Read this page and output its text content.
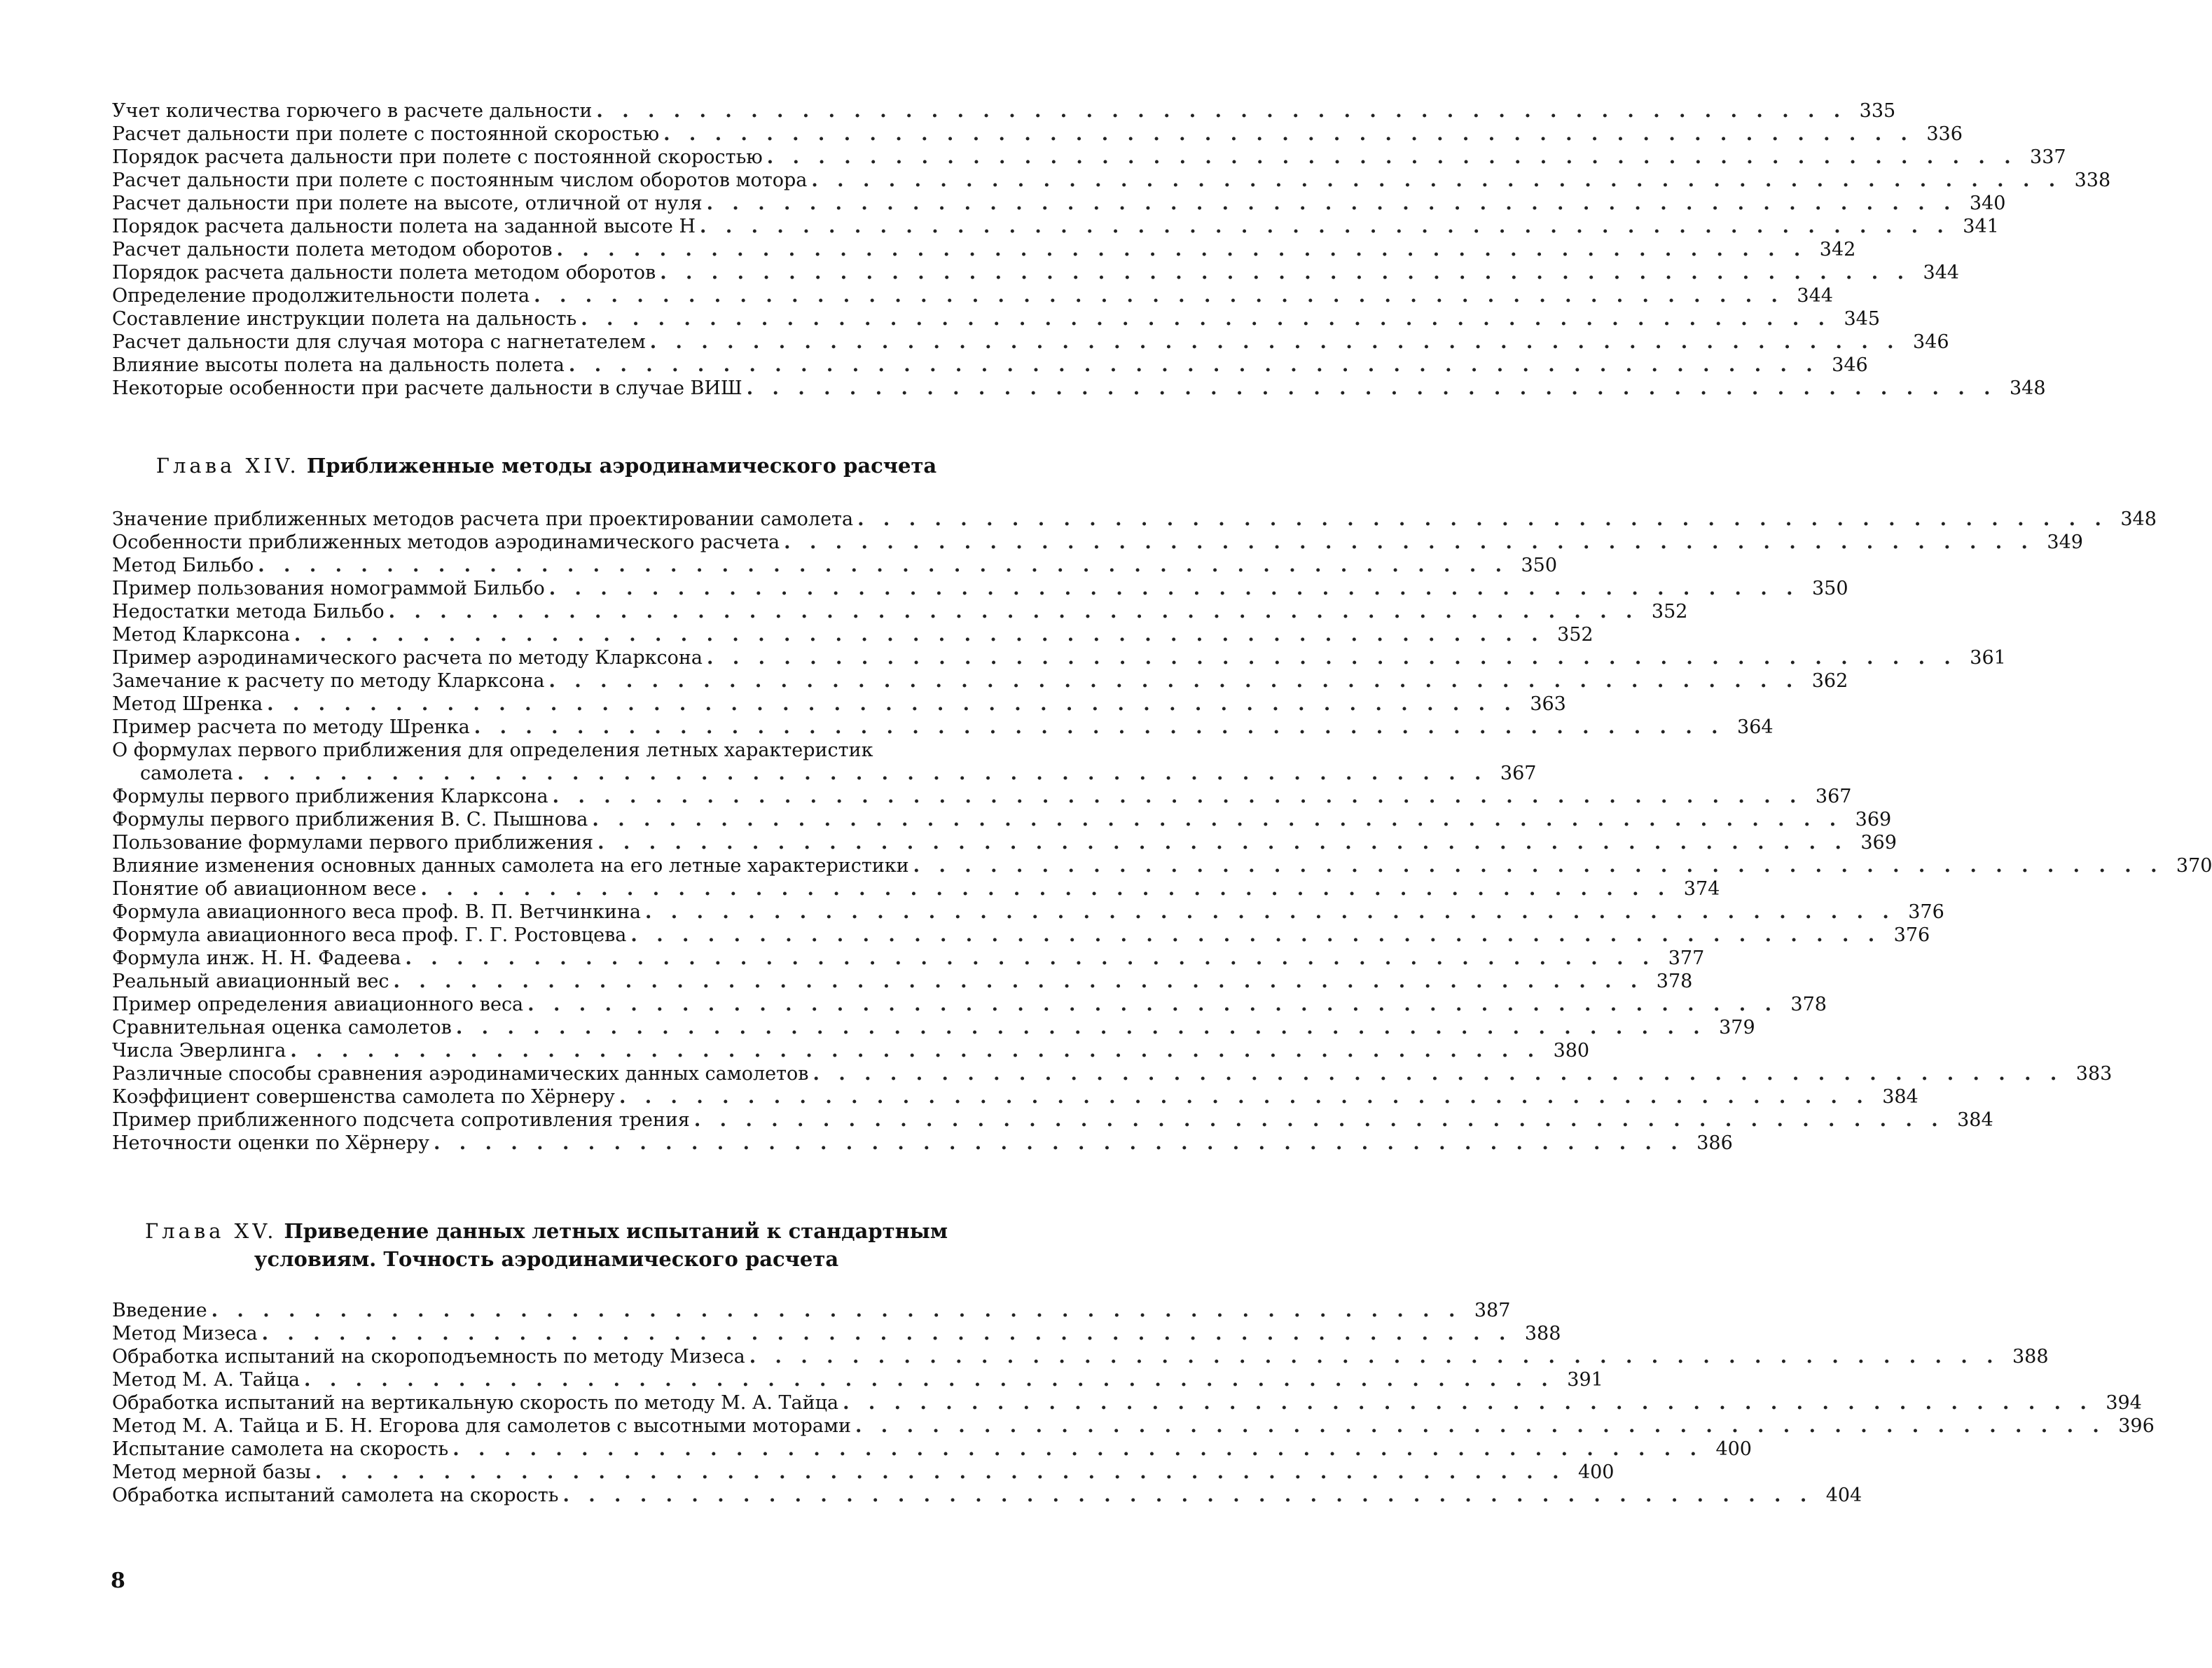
Учет количества горючего в расчете дальности . . . . . . . . . . . . . . . . . . . . . . . . . . . . . . . . . . . . . . . . . . . . . . . . . 335
Расчет дальности при полете с постоянной скоростью . . . . . . . . . . . . . . . . . . . . . . . . . . . . . . . . . . . . . . . . . . . . . . . . . 336
Порядок расчета дальности при полете с постоянной скоростью . . . . . . . . . . . . . . . . . . . . . . . . . . . . . . . . . . . . . . . . . . . . . . . . . 337
Расчет дальности при полете с постоянным числом оборотов мотора . . . . . . . . . . . . . . . . . . . . . . . . . . . . . . . . . . . . . . . . . . . . . . . . . 338
Расчет дальности при полете на высоте, отличной от нуля . . . . . . . . . . . . . . . . . . . . . . . . . . . . . . . . . . . . . . . . . . . . . . . . . 340
Порядок расчета дальности полета на заданной высоте H . . . . . . . . . . . . . . . . . . . . . . . . . . . . . . . . . . . . . . . . . . . . . . . . . 341
Расчет дальности полета методом оборотов . . . . . . . . . . . . . . . . . . . . . . . . . . . . . . . . . . . . . . . . . . . . . . . . . 342
Порядок расчета дальности полета методом оборотов . . . . . . . . . . . . . . . . . . . . . . . . . . . . . . . . . . . . . . . . . . . . . . . . . 344
Определение продолжительности полета . . . . . . . . . . . . . . . . . . . . . . . . . . . . . . . . . . . . . . . . . . . . . . . . . 344
Составление инструкции полета на дальность . . . . . . . . . . . . . . . . . . . . . . . . . . . . . . . . . . . . . . . . . . . . . . . . . 345
Расчет дальности для случая мотора с нагнетателем . . . . . . . . . . . . . . . . . . . . . . . . . . . . . . . . . . . . . . . . . . . . . . . . . 346
Влияние высоты полета на дальность полета . . . . . . . . . . . . . . . . . . . . . . . . . . . . . . . . . . . . . . . . . . . . . . . . . 346
Некоторые особенности при расчете дальности в случае ВИШ . . . . . . . . . . . . . . . . . . . . . . . . . . . . . . . . . . . . . . . . . . . . . . . . . 348
Глава XIV. Приближенные методы аэродинамического расчета
Значение приближенных методов расчета при проектировании самолета . . . . . . . . . . . . . . . . . . . . . . . . . . . . . . . . . . . . . . . . . . . . . . . . . 348
Особенности приближенных методов аэродинамического расчета . . . . . . . . . . . . . . . . . . . . . . . . . . . . . . . . . . . . . . . . . . . . . . . . . 349
Метод Бильбо . . . . . . . . . . . . . . . . . . . . . . . . . . . . . . . . . . . . . . . . . . . . . . . . . 350
Пример пользования номограммой Бильбо . . . . . . . . . . . . . . . . . . . . . . . . . . . . . . . . . . . . . . . . . . . . . . . . . 350
Недостатки метода Бильбо . . . . . . . . . . . . . . . . . . . . . . . . . . . . . . . . . . . . . . . . . . . . . . . . . 352
Метод Кларксона . . . . . . . . . . . . . . . . . . . . . . . . . . . . . . . . . . . . . . . . . . . . . . . . . 352
Пример аэродинамического расчета по методу Кларксона . . . . . . . . . . . . . . . . . . . . . . . . . . . . . . . . . . . . . . . . . . . . . . . . . 361
Замечание к расчету по методу Кларксона . . . . . . . . . . . . . . . . . . . . . . . . . . . . . . . . . . . . . . . . . . . . . . . . . 362
Метод Шренка . . . . . . . . . . . . . . . . . . . . . . . . . . . . . . . . . . . . . . . . . . . . . . . . . 363
Пример расчета по методу Шренка . . . . . . . . . . . . . . . . . . . . . . . . . . . . . . . . . . . . . . . . . . . . . . . . . 364
О формулах первого приближения для определения летных характеристик
самолета . . . . . . . . . . . . . . . . . . . . . . . . . . . . . . . . . . . . . . . . . . . . . . . . . 367
Формулы первого приближения Кларксона . . . . . . . . . . . . . . . . . . . . . . . . . . . . . . . . . . . . . . . . . . . . . . . . . 367
Формулы первого приближения В. С. Пышнова . . . . . . . . . . . . . . . . . . . . . . . . . . . . . . . . . . . . . . . . . . . . . . . . . 369
Пользование формулами первого приближения . . . . . . . . . . . . . . . . . . . . . . . . . . . . . . . . . . . . . . . . . . . . . . . . . 369
Влияние изменения основных данных самолета на его летные характеристики . . . . . . . . . . . . . . . . . . . . . . . . . . . . . . . . . . . . . . . . . . . . . . . . . 370
Понятие об авиационном весе . . . . . . . . . . . . . . . . . . . . . . . . . . . . . . . . . . . . . . . . . . . . . . . . . 374
Формула авиационного веса проф. В. П. Ветчинкина . . . . . . . . . . . . . . . . . . . . . . . . . . . . . . . . . . . . . . . . . . . . . . . . . 376
Формула авиационного веса проф. Г. Г. Ростовцева . . . . . . . . . . . . . . . . . . . . . . . . . . . . . . . . . . . . . . . . . . . . . . . . . 376
Формула инж. Н. Н. Фадеева . . . . . . . . . . . . . . . . . . . . . . . . . . . . . . . . . . . . . . . . . . . . . . . . . 377
Реальный авиационный вес . . . . . . . . . . . . . . . . . . . . . . . . . . . . . . . . . . . . . . . . . . . . . . . . . 378
Пример определения авиационного веса . . . . . . . . . . . . . . . . . . . . . . . . . . . . . . . . . . . . . . . . . . . . . . . . . 378
Сравнительная оценка самолетов . . . . . . . . . . . . . . . . . . . . . . . . . . . . . . . . . . . . . . . . . . . . . . . . . 379
Числа Эверлинга . . . . . . . . . . . . . . . . . . . . . . . . . . . . . . . . . . . . . . . . . . . . . . . . . 380
Различные способы сравнения аэродинамических данных самолетов . . . . . . . . . . . . . . . . . . . . . . . . . . . . . . . . . . . . . . . . . . . . . . . . . 383
Коэффициент совершенства самолета по Хёрнеру . . . . . . . . . . . . . . . . . . . . . . . . . . . . . . . . . . . . . . . . . . . . . . . . . 384
Пример приближенного подсчета сопротивления трения . . . . . . . . . . . . . . . . . . . . . . . . . . . . . . . . . . . . . . . . . . . . . . . . . 384
Неточности оценки по Хёрнеру . . . . . . . . . . . . . . . . . . . . . . . . . . . . . . . . . . . . . . . . . . . . . . . . . 386
Глава XV. Приведение данных летных испытаний к стандартным
условиям. Точность аэродинамического расчета
Введение . . . . . . . . . . . . . . . . . . . . . . . . . . . . . . . . . . . . . . . . . . . . . . . . . 387
Метод Мизеса . . . . . . . . . . . . . . . . . . . . . . . . . . . . . . . . . . . . . . . . . . . . . . . . . 388
Обработка испытаний на скороподъемность по методу Мизеса . . . . . . . . . . . . . . . . . . . . . . . . . . . . . . . . . . . . . . . . . . . . . . . . . 388
Метод М. А. Тайца . . . . . . . . . . . . . . . . . . . . . . . . . . . . . . . . . . . . . . . . . . . . . . . . . 391
Обработка испытаний на вертикальную скорость по методу М. А. Тайца . . . . . . . . . . . . . . . . . . . . . . . . . . . . . . . . . . . . . . . . . . . . . . . . . 394
Метод М. А. Тайца и Б. Н. Егорова для самолетов с высотными моторами . . . . . . . . . . . . . . . . . . . . . . . . . . . . . . . . . . . . . . . . . . . . . . . . . 396
Испытание самолета на скорость . . . . . . . . . . . . . . . . . . . . . . . . . . . . . . . . . . . . . . . . . . . . . . . . . 400
Метод мерной базы . . . . . . . . . . . . . . . . . . . . . . . . . . . . . . . . . . . . . . . . . . . . . . . . . 400
Обработка испытаний самолета на скорость . . . . . . . . . . . . . . . . . . . . . . . . . . . . . . . . . . . . . . . . . . . . . . . . . 404
8
